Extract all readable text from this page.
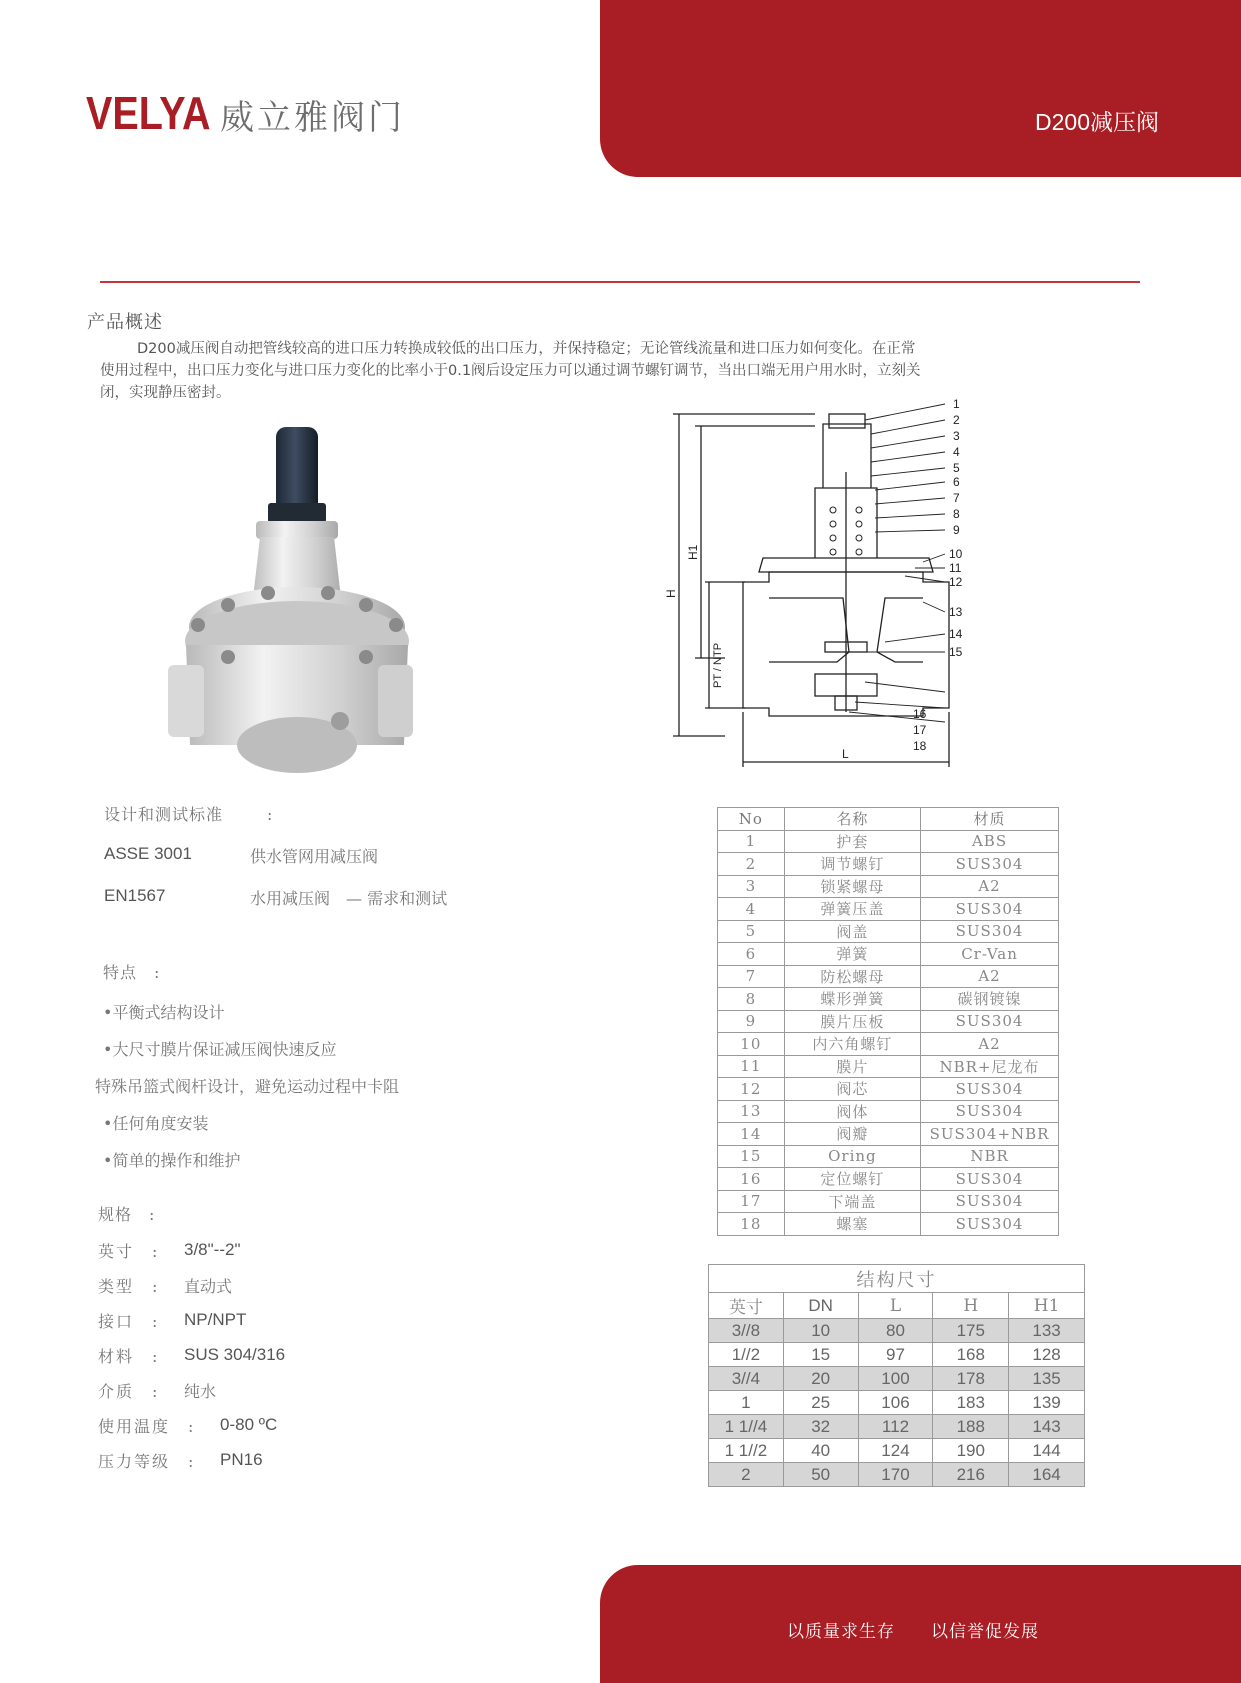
D200减压阀
VELYA 威立雅阀门
产品概述
D200减压阀自动把管线较高的进口压力转换成较低的出口压力，并保持稳定；无论管线流量和进口压力如何变化。在正常使用过程中，出口压力变化与进口压力变化的比率小于0.1阀后设定压力可以通过调节螺钉调节，当出口端无用户用水时，立刻关闭，实现静压密封。
1
2
3
4
5
6
7
8
9
10
11
12
13
14
15
16
17
18
H
H1
PT / NTP
L
设计和测试标准	:
ASSE 3001	供水管网用减压阀
EN1567	水用减压阀　— 需求和测试
特点　:
•平衡式结构设计
•大尺寸膜片保证减压阀快速反应
特殊吊篮式阀杆设计，避免运动过程中卡阻
•任何角度安装
•简单的操作和维护
规格　:
英寸　:	3/8"--2"
类型　:	直动式
接口　:	NP/NPT
材料　:	SUS 304/316
介质　:	纯水
使用温度　:	0-80 ºC
压力等级　:	PN16
No	名称	材质
1	护套	ABS
2	调节螺钉	SUS304
3	锁紧螺母	A2
4	弹簧压盖	SUS304
5	阀盖	SUS304
6	弹簧	Cr-Van
7	防松螺母	A2
8	蝶形弹簧	碳钢镀镍
9	膜片压板	SUS304
10	内六角螺钉	A2
11	膜片	NBR+尼龙布
12	阀芯	SUS304
13	阀体	SUS304
14	阀瓣	SUS304+NBR
15	Oring	NBR
16	定位螺钉	SUS304
17	下端盖	SUS304
18	螺塞	SUS304
结构尺寸				
英寸	DN	L	H	H1
3//8	10	80	175	133
1//2	15	97	168	128
3//4	20	100	178	135
1	25	106	183	139
1 1//4	32	112	188	143
1 1//2	40	124	190	144
2	50	170	216	164
以质量求生存　　以信誉促发展
